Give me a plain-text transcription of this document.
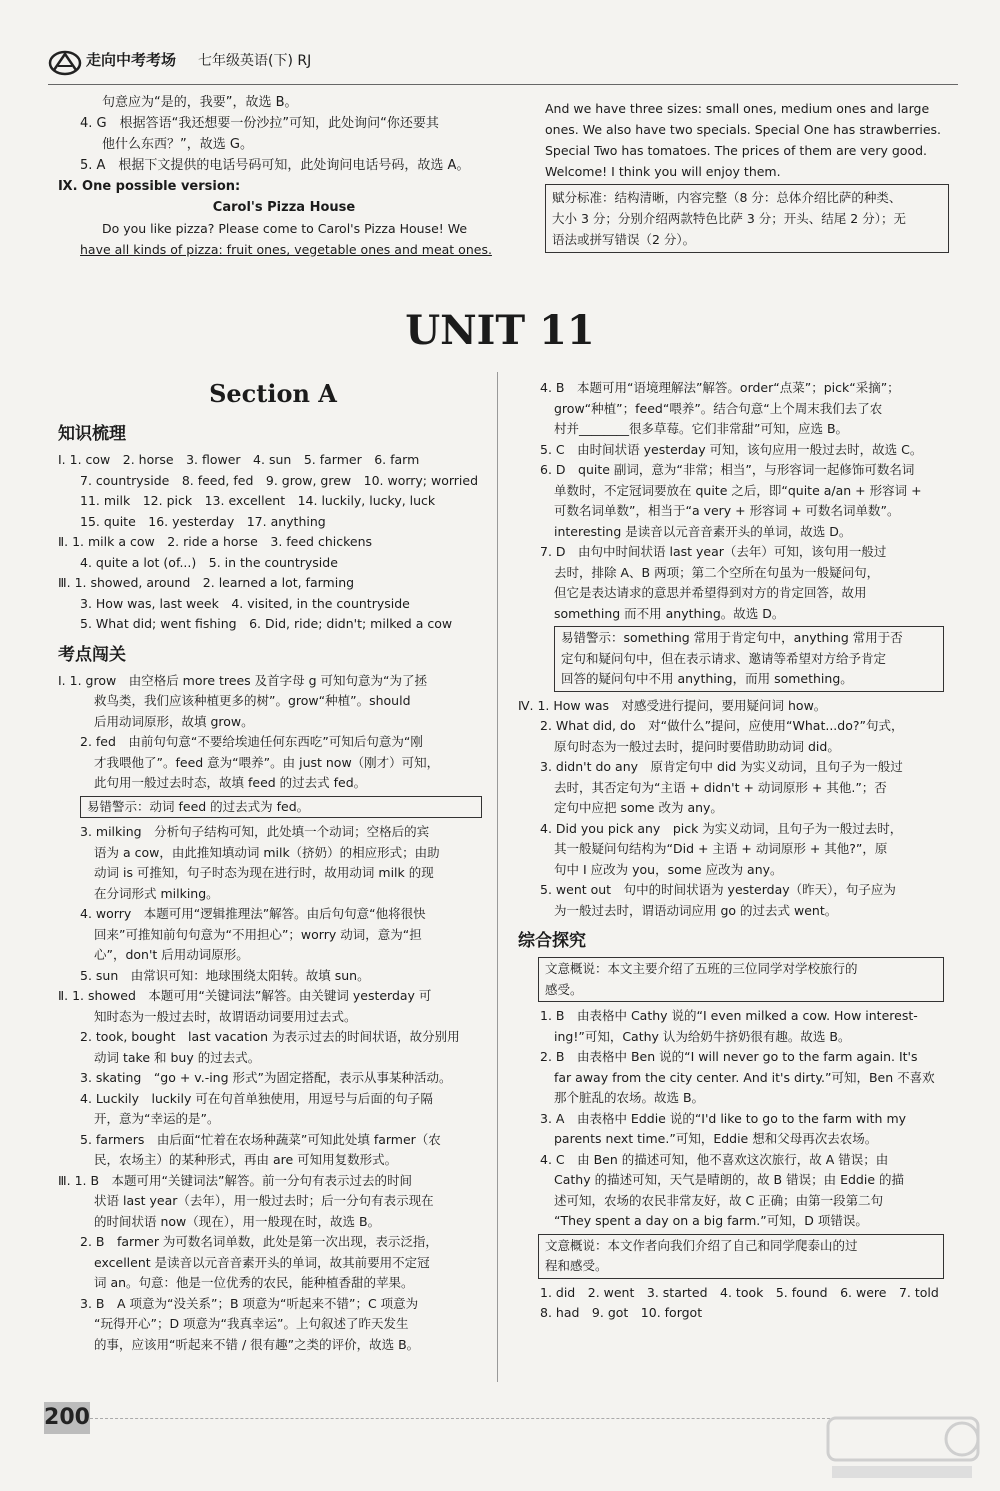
走向中考考场 七年级英语(下) RJ

句意应为“是的，我要”，故选 B。

4. G　根据答语“我还想要一份沙拉”可知，此处询问“你还要其

他什么东西？”，故选 G。

5. A　根据下文提供的电话号码可知，此处询问电话号码，故选 A。

Ⅸ. One possible version:

Carol's Pizza House

Do you like pizza? Please come to Carol's Pizza House! We

have all kinds of pizza: fruit ones, vegetable ones and meat ones.

And we have three sizes: small ones, medium ones and large

ones. We also have two specials. Special One has strawberries.

Special Two has tomatoes. The prices of them are very good.

Welcome! I think you will enjoy them.

赋分标准：结构清晰，内容完整（8 分：总体介绍比萨的种类、

大小 3 分；分别介绍两款特色比萨 3 分；开头、结尾 2 分）；无

语法或拼写错误（2 分）。

UNIT 11
Section A
知识梳理

Ⅰ. 1. cow　2. horse　3. flower　4. sun　5. farmer　6. farm

7. countryside　8. feed, fed　9. grow, grew　10. worry; worried

11. milk　12. pick　13. excellent　14. luckily, lucky, luck

15. quite　16. yesterday　17. anything

Ⅱ. 1. milk a cow　2. ride a horse　3. feed chickens

4. quite a lot (of...)　5. in the countryside

Ⅲ. 1. showed, around　2. learned a lot, farming

3. How was, last week　4. visited, in the countryside

5. What did; went fishing　6. Did, ride; didn't; milked a cow

考点闯关

Ⅰ. 1. grow　由空格后 more trees 及首字母 g 可知句意为“为了拯

救鸟类，我们应该种植更多的树”。grow“种植”。should

后用动词原形，故填 grow。

2. fed　由前句句意“不要给埃迪任何东西吃”可知后句意为“刚

才我喂他了”。feed 意为“喂养”。由 just now（刚才）可知，

此句用一般过去时态，故填 feed 的过去式 fed。

易错警示：动词 feed 的过去式为 fed。

3. milking　分析句子结构可知，此处填一个动词；空格后的宾

语为 a cow，由此推知填动词 milk（挤奶）的相应形式；由助

动词 is 可推知，句子时态为现在进行时，故用动词 milk 的现

在分词形式 milking。

4. worry　本题可用“逻辑推理法”解答。由后句句意“他将很快

回来”可推知前句句意为“不用担心”；worry 动词，意为“担

心”，don't 后用动词原形。

5. sun　由常识可知：地球围绕太阳转。故填 sun。

Ⅱ. 1. showed　本题可用“关键词法”解答。由关键词 yesterday 可

知时态为一般过去时，故谓语动词要用过去式。

2. took, bought　last vacation 为表示过去的时间状语，故分别用

动词 take 和 buy 的过去式。

3. skating　“go + v.-ing 形式”为固定搭配，表示从事某种活动。

4. Luckily　luckily 可在句首单独使用，用逗号与后面的句子隔

开，意为“幸运的是”。

5. farmers　由后面“忙着在农场种蔬菜”可知此处填 farmer（农

民，农场主）的某种形式，再由 are 可知用复数形式。

Ⅲ. 1. B　本题可用“关键词法”解答。前一分句有表示过去的时间

状语 last year（去年），用一般过去时；后一分句有表示现在

的时间状语 now（现在），用一般现在时，故选 B。

2. B　farmer 为可数名词单数，此处是第一次出现，表示泛指，

excellent 是读音以元音音素开头的单词，故其前要用不定冠

词 an。句意：他是一位优秀的农民，能种植香甜的苹果。

3. B　A 项意为“没关系”；B 项意为“听起来不错”；C 项意为

“玩得开心”；D 项意为“我真幸运”。上句叙述了昨天发生

的事，应该用“听起来不错 / 很有趣”之类的评价，故选 B。

4. B　本题可用“语境理解法”解答。order“点菜”；pick“采摘”；

grow“种植”；feed“喂养”。结合句意“上个周末我们去了农

村并________很多草莓。它们非常甜”可知，应选 B。

5. C　由时间状语 yesterday 可知，该句应用一般过去时，故选 C。

6. D　quite 副词，意为“非常；相当”，与形容词一起修饰可数名词

单数时，不定冠词要放在 quite 之后，即“quite a/an + 形容词 +

可数名词单数”，相当于“a very + 形容词 + 可数名词单数”。

interesting 是读音以元音音素开头的单词，故选 D。

7. D　由句中时间状语 last year（去年）可知，该句用一般过

去时，排除 A、B 两项；第二个空所在句虽为一般疑问句，

但它是表达请求的意思并希望得到对方的肯定回答，故用

something 而不用 anything。故选 D。

易错警示：something 常用于肯定句中，anything 常用于否

定句和疑问句中，但在表示请求、邀请等希望对方给予肯定

回答的疑问句中不用 anything，而用 something。

Ⅳ. 1. How was　对感受进行提问，要用疑问词 how。

2. What did, do　对“做什么”提问，应使用“What...do?”句式，

原句时态为一般过去时，提问时要借助助动词 did。

3. didn't do any　原肯定句中 did 为实义动词，且句子为一般过

去时，其否定句为“主语 + didn't + 动词原形 + 其他.”；否

定句中应把 some 改为 any。

4. Did you pick any　pick 为实义动词，且句子为一般过去时，

其一般疑问句结构为“Did + 主语 + 动词原形 + 其他?”，原

句中 I 应改为 you，some 应改为 any。

5. went out　句中的时间状语为 yesterday（昨天），句子应为

为一般过去时，谓语动词应用 go 的过去式 went。

综合探究

文意概说：本文主要介绍了五班的三位同学对学校旅行的

感受。

1. B　由表格中 Cathy 说的“I even milked a cow. How interest-

ing!”可知，Cathy 认为给奶牛挤奶很有趣。故选 B。

2. B　由表格中 Ben 说的“I will never go to the farm again. It's

far away from the city center. And it's dirty.”可知，Ben 不喜欢

那个脏乱的农场。故选 B。

3. A　由表格中 Eddie 说的“I'd like to go to the farm with my

parents next time.”可知，Eddie 想和父母再次去农场。

4. C　由 Ben 的描述可知，他不喜欢这次旅行，故 A 错误；由

Cathy 的描述可知，天气是晴朗的，故 B 错误；由 Eddie 的描

述可知，农场的农民非常友好，故 C 正确；由第一段第二句

“They spent a day on a big farm.”可知，D 项错误。

文意概说：本文作者向我们介绍了自己和同学爬泰山的过

程和感受。

1. did　2. went　3. started　4. took　5. found　6. were　7. told

8. had　9. got　10. forgot

200
